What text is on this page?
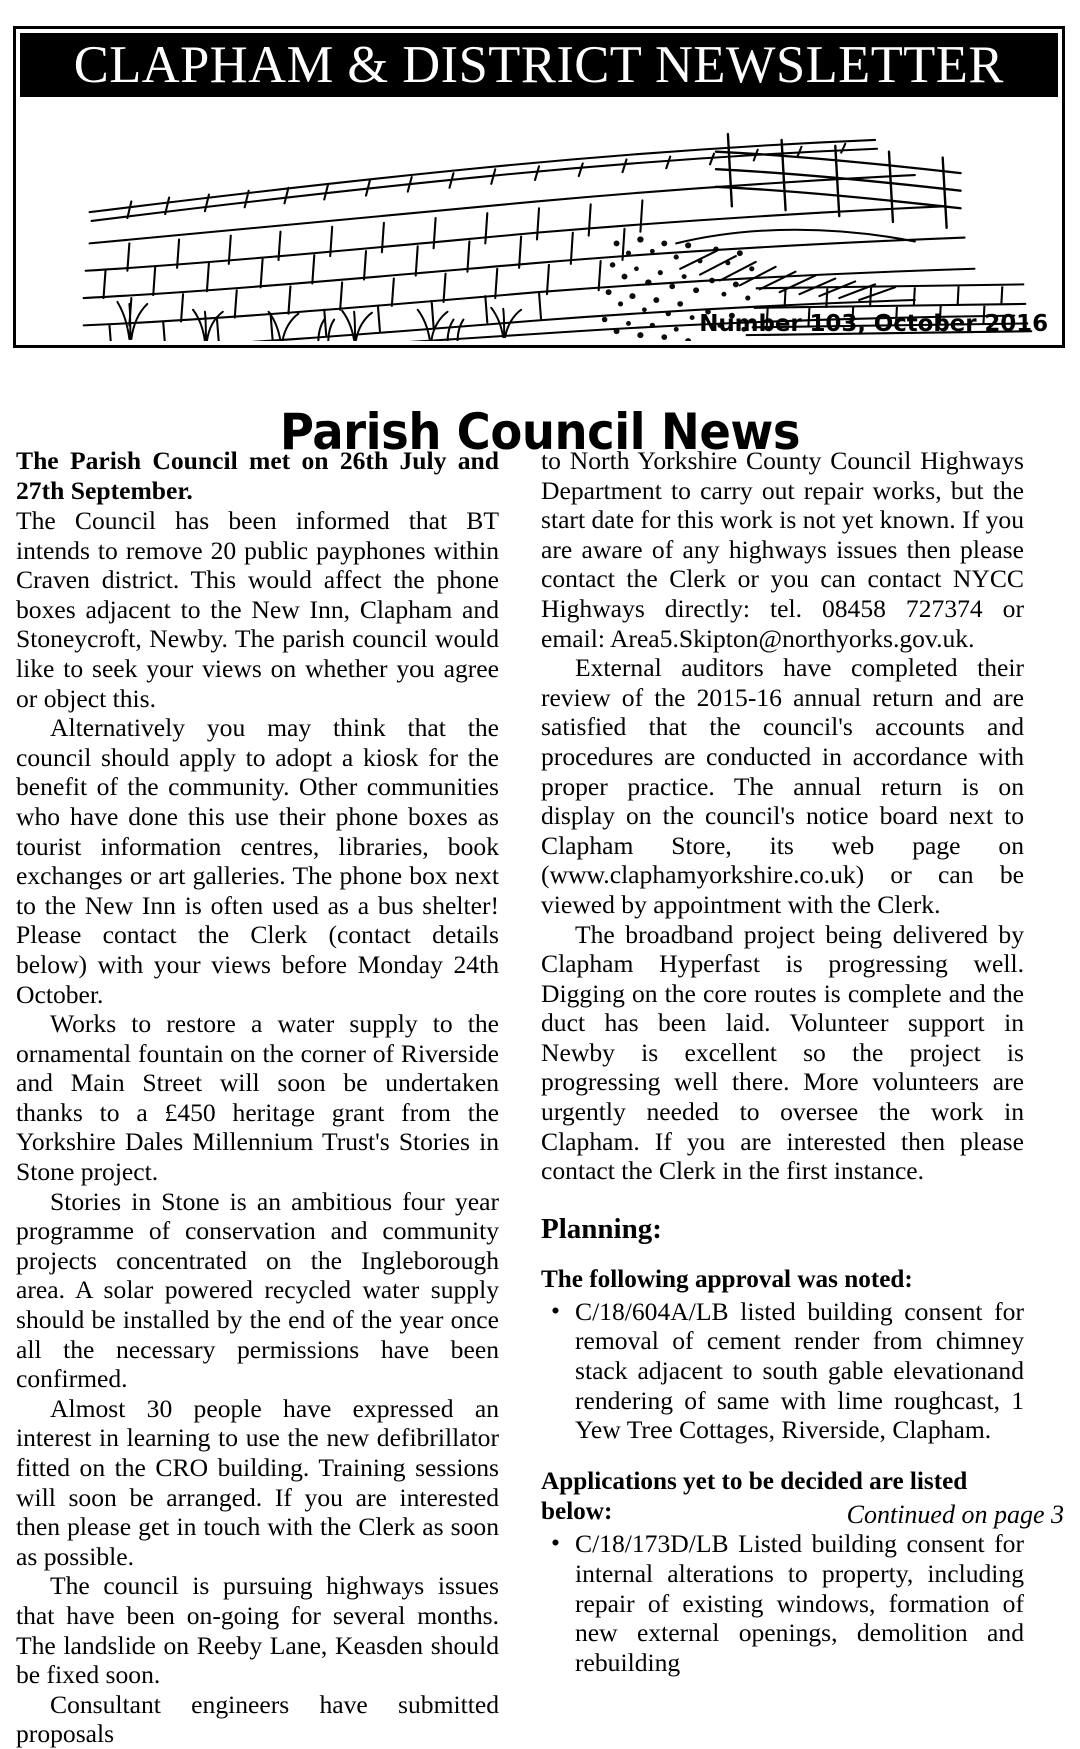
CLAPHAM & DISTRICT NEWSLETTER
Number 103, October 2016
Parish Council News

The Parish Council met on 26th July and 27th September.

The Council has been informed that BT intends to remove 20 public payphones within Craven district. This would affect the phone boxes adjacent to the New Inn, Clapham and Stoneycroft, Newby. The parish council would like to seek your views on whether you agree or object this.

Alternatively you may think that the council should apply to adopt a kiosk for the benefit of the community. Other communities who have done this use their phone boxes as tourist information centres, libraries, book exchanges or art galleries. The phone box next to the New Inn is often used as a bus shelter! Please contact the Clerk (contact details below) with your views before Monday 24th October.

Works to restore a water supply to the ornamental fountain on the corner of Riverside and Main Street will soon be undertaken thanks to a £450 heritage grant from the Yorkshire Dales Millennium Trust's Stories in Stone project.

Stories in Stone is an ambitious four year programme of conservation and community projects concentrated on the Ingleborough area. A solar powered recycled water supply should be installed by the end of the year once all the necessary permissions have been confirmed.

Almost 30 people have expressed an interest in learning to use the new defibrillator fitted on the CRO building. Training sessions will soon be arranged. If you are interested then please get in touch with the Clerk as soon as possible.

The council is pursuing highways issues that have been on-going for several months. The landslide on Reeby Lane, Keasden should be fixed soon.

Consultant engineers have submitted proposals

to North Yorkshire County Council Highways Department to carry out repair works, but the start date for this work is not yet known. If you are aware of any highways issues then please contact the Clerk or you can contact NYCC Highways directly: tel. 08458 727374 or email: Area5.Skipton@northyorks.gov.uk.

External auditors have completed their review of the 2015-16 annual return and are satisfied that the council's accounts and procedures are conducted in accordance with proper practice. The annual return is on display on the council's notice board next to Clapham Store, its web page on (www.claphamyorkshire.co.uk) or can be viewed by appointment with the Clerk.

The broadband project being delivered by Clapham Hyperfast is progressing well. Digging on the core routes is complete and the duct has been laid. Volunteer support in Newby is excellent so the project is progressing well there. More volunteers are urgently needed to oversee the work in Clapham. If you are interested then please contact the Clerk in the first instance.

Planning:
The following approval was noted:
• C/18/604A/LB listed building consent for removal of cement render from chimney stack adjacent to south gable elevationand rendering of same with lime roughcast, 1 Yew Tree Cottages, Riverside, Clapham.
Applications yet to be decided are listed below:
• C/18/173D/LB Listed building consent for internal alterations to property, including repair of existing windows, formation of new external openings, demolition and rebuilding
Continued on page 3
